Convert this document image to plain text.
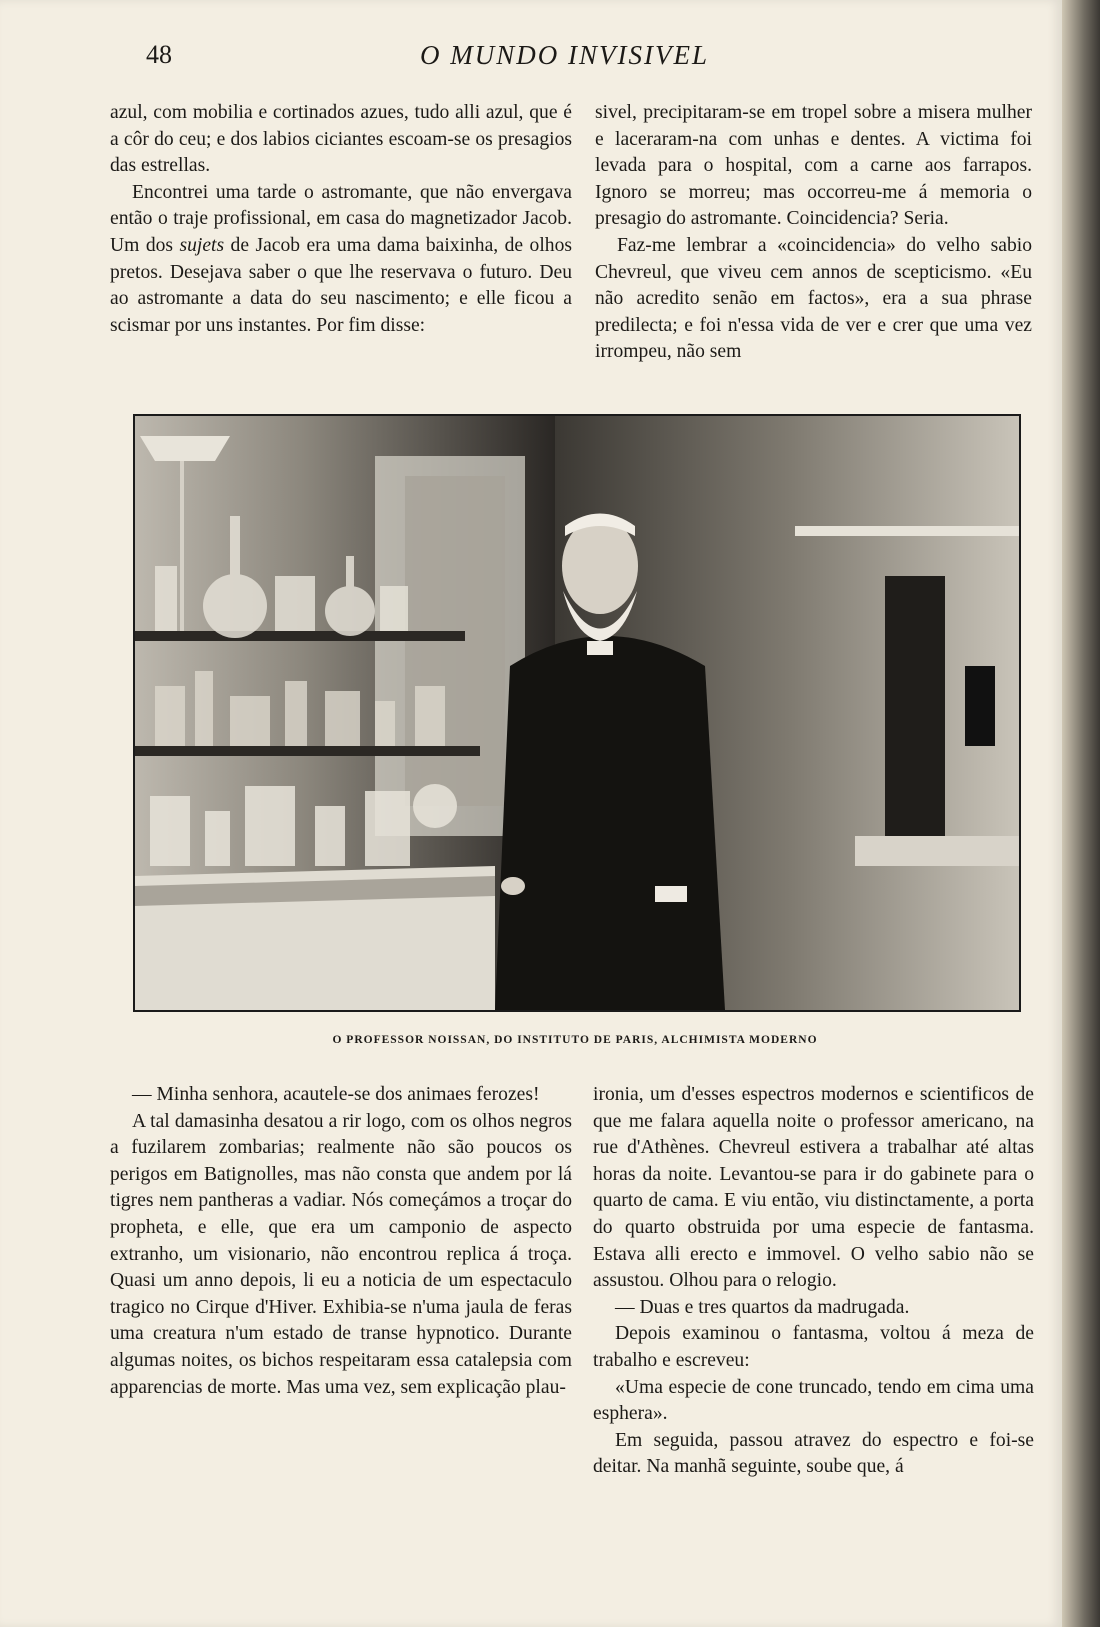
48	O MUNDO INVISIVEL

azul, com mobilia e cortinados azues, tudo alli azul, que é a côr do ceu; e dos labios ciciantes escoam-se os presagios das estrellas.

Encontrei uma tarde o astromante, que não envergava então o traje profissional, em casa do magnetizador Jacob. Um dos sujets de Jacob era uma dama baixinha, de olhos pretos. Desejava saber o que lhe reservava o futuro. Deu ao astromante a data do seu nascimento; e elle ficou a scismar por uns instantes. Por fim disse:

sivel, precipitaram-se em tropel sobre a misera mulher e laceraram-na com unhas e dentes. A victima foi levada para o hospital, com a carne aos farrapos. Ignoro se morreu; mas occorreu-me á memoria o presagio do astromante. Coincidencia? Seria.

Faz-me lembrar a «coincidencia» do velho sabio Chevreul, que viveu cem annos de scepticismo. «Eu não acredito senão em factos», era a sua phrase predilecta; e foi n'essa vida de ver e crer que uma vez irrompeu, não sem

O PROFESSOR NOISSAN, DO INSTITUTO DE PARIS, ALCHIMISTA MODERNO

— Minha senhora, acautele-se dos animaes ferozes!

A tal damasinha desatou a rir logo, com os olhos negros a fuzilarem zombarias; realmente não são poucos os perigos em Batignolles, mas não consta que andem por lá tigres nem pantheras a vadiar. Nós começámos a troçar do propheta, e elle, que era um camponio de aspecto extranho, um visionario, não encontrou replica á troça. Quasi um anno depois, li eu a noticia de um espectaculo tragico no Cirque d'Hiver. Exhibia-se n'uma jaula de feras uma creatura n'um estado de transe hypnotico. Durante algumas noites, os bichos respeitaram essa catalepsia com apparencias de morte. Mas uma vez, sem explicação plau-

ironia, um d'esses espectros modernos e scientificos de que me falara aquella noite o professor americano, na rue d'Athènes. Chevreul estivera a trabalhar até altas horas da noite. Levantou-se para ir do gabinete para o quarto de cama. E viu então, viu distinctamente, a porta do quarto obstruida por uma especie de fantasma. Estava alli erecto e immovel. O velho sabio não se assustou. Olhou para o relogio.

— Duas e tres quartos da madrugada.

Depois examinou o fantasma, voltou á meza de trabalho e escreveu:

«Uma especie de cone truncado, tendo em cima uma esphera».

Em seguida, passou atravez do espectro e foi-se deitar. Na manhã seguinte, soube que, á
